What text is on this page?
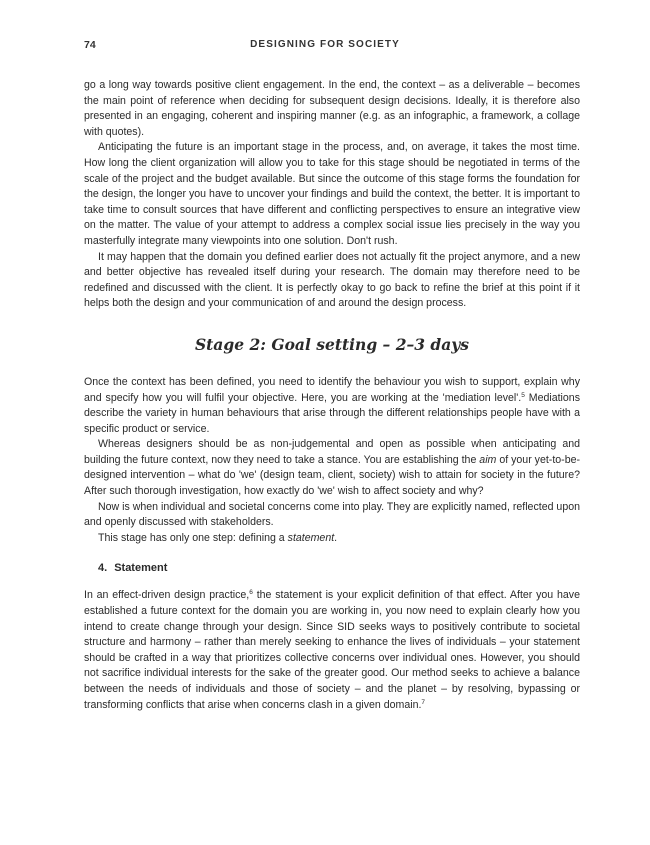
74	DESIGNING FOR SOCIETY

go a long way towards positive client engagement. In the end, the context – as a deliverable – becomes the main point of reference when deciding for subsequent design decisions. Ideally, it is therefore also presented in an engaging, coherent and inspiring manner (e.g. as an infographic, a framework, a collage with quotes).

Anticipating the future is an important stage in the process, and, on average, it takes the most time. How long the client organization will allow you to take for this stage should be negotiated in terms of the scale of the project and the budget available. But since the outcome of this stage forms the foundation for the design, the longer you have to uncover your findings and build the context, the better. It is important to take time to consult sources that have different and conflicting perspectives to ensure an integrative view on the matter. The value of your attempt to address a complex social issue lies precisely in the way you masterfully integrate many viewpoints into one solution. Don't rush.

It may happen that the domain you defined earlier does not actually fit the project anymore, and a new and better objective has revealed itself during your research. The domain may therefore need to be redefined and discussed with the client. It is perfectly okay to go back to refine the brief at this point if it helps both the design and your communication of and around the design process.

Stage 2: Goal setting – 2–3 days

Once the context has been defined, you need to identify the behaviour you wish to support, explain why and specify how you will fulfil your objective. Here, you are working at the 'mediation level'.$^5$ Mediations describe the variety in human behaviours that arise through the different relationships people have with a specific product or service.

Whereas designers should be as non-judgemental and open as possible when anticipating and building the future context, now they need to take a stance. You are establishing the aim of your yet-to-be-designed intervention – what do 'we' (design team, client, society) wish to attain for society in the future? After such thorough investigation, how exactly do 'we' wish to affect society and why?

Now is when individual and societal concerns come into play. They are explicitly named, reflected upon and openly discussed with stakeholders.

This stage has only one step: defining a statement.

4. Statement

In an effect-driven design practice,$^6$ the statement is your explicit definition of that effect. After you have established a future context for the domain you are working in, you now need to explain clearly how you intend to create change through your design. Since SID seeks ways to positively contribute to societal structure and harmony – rather than merely seeking to enhance the lives of individuals – your statement should be crafted in a way that prioritizes collective concerns over individual ones. However, you should not sacrifice individual interests for the sake of the greater good. Our method seeks to achieve a balance between the needs of individuals and those of society – and the planet – by resolving, bypassing or transforming conflicts that arise when concerns clash in a given domain.$^7$
